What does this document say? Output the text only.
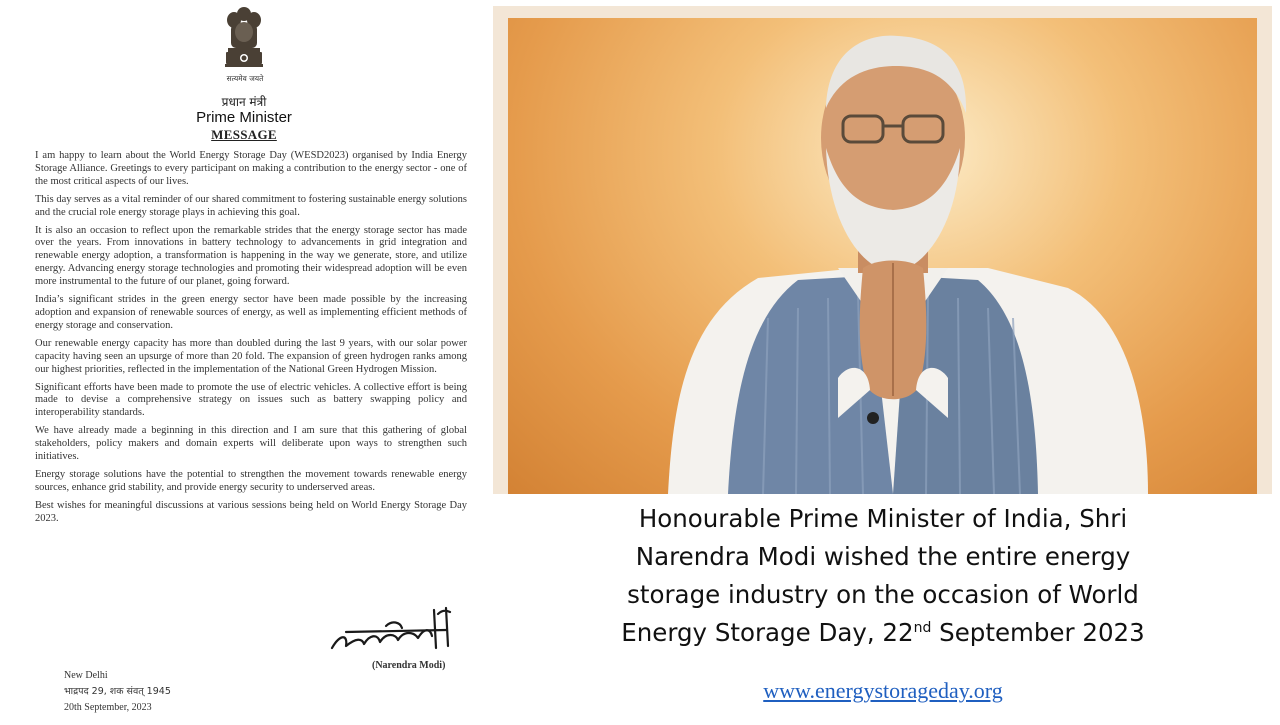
सत्यमेव जयते
प्रधान मंत्री
Prime Minister
MESSAGE

I am happy to learn about the World Energy Storage Day (WESD2023) organised by India Energy Storage Alliance. Greetings to every participant on making a contribution to the energy sector - one of the most critical aspects of our lives.

This day serves as a vital reminder of our shared commitment to fostering sustainable energy solutions and the crucial role energy storage plays in achieving this goal.

It is also an occasion to reflect upon the remarkable strides that the energy storage sector has made over the years. From innovations in battery technology to advancements in grid integration and renewable energy adoption, a transformation is happening in the way we generate, store, and utilize energy. Advancing energy storage technologies and promoting their widespread adoption will be even more instrumental to the future of our planet, going forward.

India’s significant strides in the green energy sector have been made possible by the increasing adoption and expansion of renewable sources of energy, as well as implementing efficient methods of energy storage and conservation.

Our renewable energy capacity has more than doubled during the last 9 years, with our solar power capacity having seen an upsurge of more than 20 fold. The expansion of green hydrogen ranks among our highest priorities, reflected in the implementation of the National Green Hydrogen Mission.

Significant efforts have been made to promote the use of electric vehicles. A collective effort is being made to devise a comprehensive strategy on issues such as battery swapping policy and interoperability standards.

We have already made a beginning in this direction and I am sure that this gathering of global stakeholders, policy makers and domain experts will deliberate upon ways to strengthen such initiatives.

Energy storage solutions have the potential to strengthen the movement towards renewable energy sources, enhance grid stability, and provide energy security to underserved areas.

Best wishes for meaningful discussions at various sessions being held on World Energy Storage Day 2023.

(Narendra Modi)
New Delhi
भाद्रपद 29, शक संवत् 1945
20th September, 2023
Honourable Prime Minister of India, Shri
Narendra Modi wished the entire energy
storage industry on the occasion of World
Energy Storage Day, 22nd September 2023
www.energystorageday.org
